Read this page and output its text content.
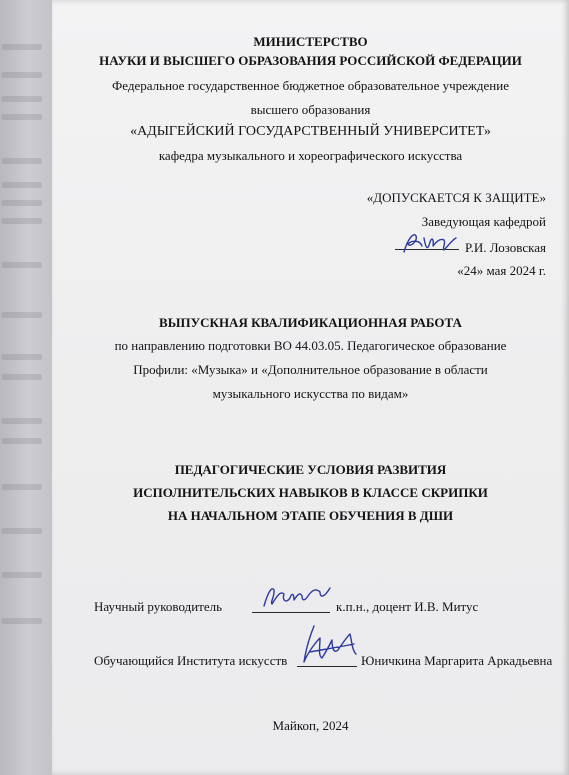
МИНИСТЕРСТВО
НАУКИ И ВЫСШЕГО ОБРАЗОВАНИЯ РОССИЙСКОЙ ФЕДЕРАЦИИ
Федеральное государственное бюджетное образовательное учреждение
высшего образования
«АДЫГЕЙСКИЙ ГОСУДАРСТВЕННЫЙ УНИВЕРСИТЕТ»
кафедра музыкального и хореографического искусства
«ДОПУСКАЕТСЯ К ЗАЩИТЕ»
Заведующая кафедрой
Р.И. Лозовская
«24» мая 2024 г.
ВЫПУСКНАЯ КВАЛИФИКАЦИОННАЯ РАБОТА
по направлению подготовки ВО 44.03.05. Педагогическое образование
Профили: «Музыка» и «Дополнительное образование в области
музыкального искусства по видам»
ПЕДАГОГИЧЕСКИЕ УСЛОВИЯ РАЗВИТИЯ
ИСПОЛНИТЕЛЬСКИХ НАВЫКОВ В КЛАССЕ СКРИПКИ
НА НАЧАЛЬНОМ ЭТАПЕ ОБУЧЕНИЯ В ДШИ
Научный руководитель	к.п.н., доцент И.В. Митус
Обучающийся Института искусств	Юничкина Маргарита Аркадьевна
Майкоп, 2024
